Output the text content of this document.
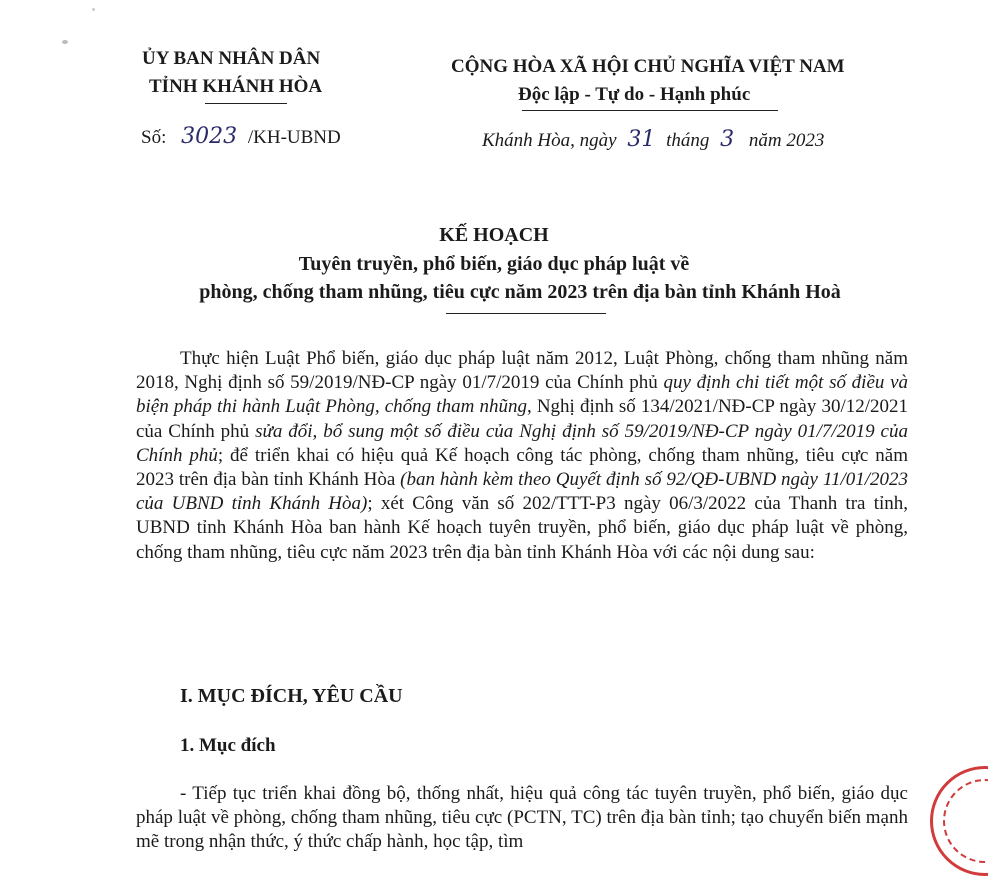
ỦY BAN NHÂN DÂN
TỈNH KHÁNH HÒA
Số: 3023 /KH-UBND
CỘNG HÒA XÃ HỘI CHỦ NGHĨA VIỆT NAM
Độc lập - Tự do - Hạnh phúc
Khánh Hòa, ngày 31 tháng 3 năm 2023
KẾ HOẠCH
Tuyên truyền, phổ biến, giáo dục pháp luật về
phòng, chống tham nhũng, tiêu cực năm 2023 trên địa bàn tỉnh Khánh Hoà

Thực hiện Luật Phổ biến, giáo dục pháp luật năm 2012, Luật Phòng, chống tham nhũng năm 2018, Nghị định số 59/2019/NĐ-CP ngày 01/7/2019 của Chính phủ quy định chi tiết một số điều và biện pháp thi hành Luật Phòng, chống tham nhũng, Nghị định số 134/2021/NĐ-CP ngày 30/12/2021 của Chính phủ sửa đổi, bổ sung một số điều của Nghị định số 59/2019/NĐ-CP ngày 01/7/2019 của Chính phủ; để triển khai có hiệu quả Kế hoạch công tác phòng, chống tham nhũng, tiêu cực năm 2023 trên địa bàn tỉnh Khánh Hòa (ban hành kèm theo Quyết định số 92/QĐ-UBND ngày 11/01/2023 của UBND tỉnh Khánh Hòa); xét Công văn số 202/TTT-P3 ngày 06/3/2022 của Thanh tra tỉnh, UBND tỉnh Khánh Hòa ban hành Kế hoạch tuyên truyền, phổ biến, giáo dục pháp luật về phòng, chống tham nhũng, tiêu cực năm 2023 trên địa bàn tỉnh Khánh Hòa với các nội dung sau:

I. MỤC ĐÍCH, YÊU CẦU
1. Mục đích

- Tiếp tục triển khai đồng bộ, thống nhất, hiệu quả công tác tuyên truyền, phổ biến, giáo dục pháp luật về phòng, chống tham nhũng, tiêu cực (PCTN, TC) trên địa bàn tỉnh; tạo chuyển biến mạnh mẽ trong nhận thức, ý thức chấp hành, học tập, tìm
